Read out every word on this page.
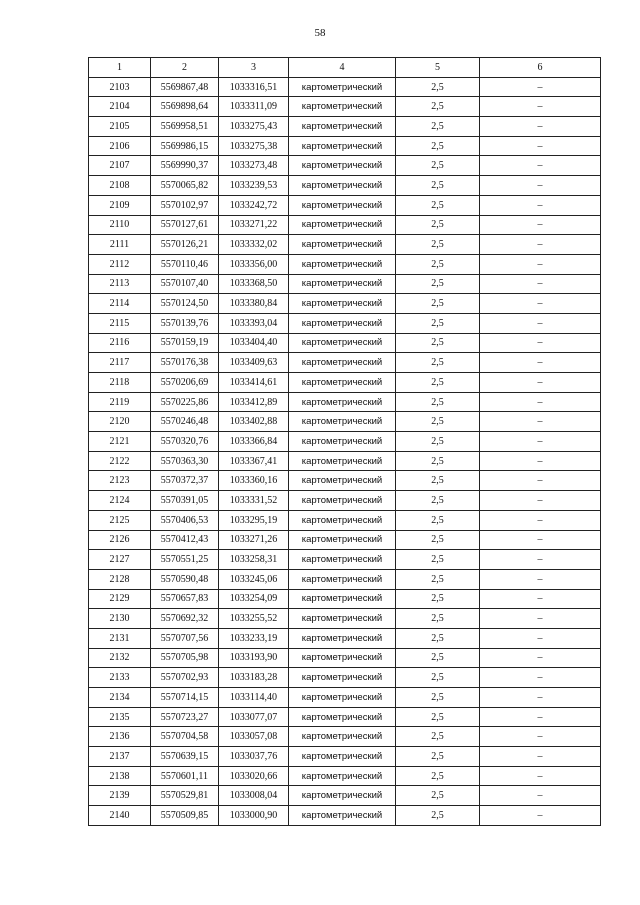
58
1	2	3	4	5	6
2103	5569867,48	1033316,51	картометрический	2,5	–
2104	5569898,64	1033311,09	картометрический	2,5	–
2105	5569958,51	1033275,43	картометрический	2,5	–
2106	5569986,15	1033275,38	картометрический	2,5	–
2107	5569990,37	1033273,48	картометрический	2,5	–
2108	5570065,82	1033239,53	картометрический	2,5	–
2109	5570102,97	1033242,72	картометрический	2,5	–
2110	5570127,61	1033271,22	картометрический	2,5	–
2111	5570126,21	1033332,02	картометрический	2,5	–
2112	5570110,46	1033356,00	картометрический	2,5	–
2113	5570107,40	1033368,50	картометрический	2,5	–
2114	5570124,50	1033380,84	картометрический	2,5	–
2115	5570139,76	1033393,04	картометрический	2,5	–
2116	5570159,19	1033404,40	картометрический	2,5	–
2117	5570176,38	1033409,63	картометрический	2,5	–
2118	5570206,69	1033414,61	картометрический	2,5	–
2119	5570225,86	1033412,89	картометрический	2,5	–
2120	5570246,48	1033402,88	картометрический	2,5	–
2121	5570320,76	1033366,84	картометрический	2,5	–
2122	5570363,30	1033367,41	картометрический	2,5	–
2123	5570372,37	1033360,16	картометрический	2,5	–
2124	5570391,05	1033331,52	картометрический	2,5	–
2125	5570406,53	1033295,19	картометрический	2,5	–
2126	5570412,43	1033271,26	картометрический	2,5	–
2127	5570551,25	1033258,31	картометрический	2,5	–
2128	5570590,48	1033245,06	картометрический	2,5	–
2129	5570657,83	1033254,09	картометрический	2,5	–
2130	5570692,32	1033255,52	картометрический	2,5	–
2131	5570707,56	1033233,19	картометрический	2,5	–
2132	5570705,98	1033193,90	картометрический	2,5	–
2133	5570702,93	1033183,28	картометрический	2,5	–
2134	5570714,15	1033114,40	картометрический	2,5	–
2135	5570723,27	1033077,07	картометрический	2,5	–
2136	5570704,58	1033057,08	картометрический	2,5	–
2137	5570639,15	1033037,76	картометрический	2,5	–
2138	5570601,11	1033020,66	картометрический	2,5	–
2139	5570529,81	1033008,04	картометрический	2,5	–
2140	5570509,85	1033000,90	картометрический	2,5	–
